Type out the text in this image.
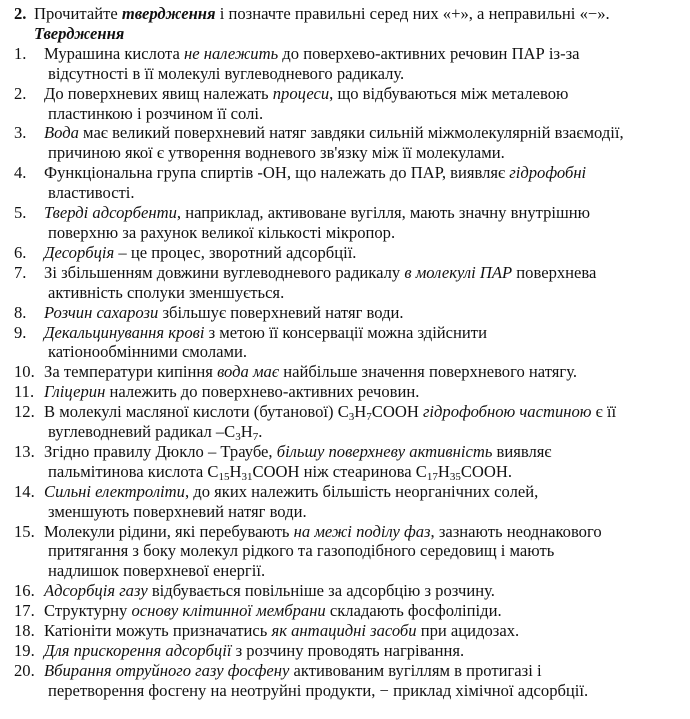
2. Прочитайте твердження і позначте правильні серед них «+», а неправильні «−».
Твердження
1.	Мурашина кислота не належить до поверхево-активних речовин ПАР із-за
відсутності в її молекулі вуглеводневого радикалу.
2.	До поверхневих явищ належать процеси, що відбуваються між металевою
пластинкою і розчином її солі.
3.	Вода має великий поверхневий натяг завдяки сильній міжмолекулярній взаємодії,
причиною якої є утворення водневого зв'язку між її молекулами.
4.	Функціональна група спиртів -ОН, що належать до ПАР, виявляє гідрофобні
властивості.
5.	Тверді адсорбенти, наприклад, активоване вугілля, мають значну внутрішню
поверхню за рахунок великої кількості мікропор.
6.	Десорбція – це процес, зворотний адсорбції.
7.	Зі збільшенням довжини вуглеводневого радикалу в молекулі ПАР поверхнева
активність сполуки зменшується.
8.	Розчин сахарози збільшує поверхневий натяг води.
9.	Декальцинування крові з метою її консервації можна здійснити
катіонообмінними смолами.
10. За температури кипіння вода має найбільше значення поверхневого натягу.
11. Гліцерин належить до поверхнево-активних речовин.
12. В молекулі масляної кислоти (бутанової) $C_3H_7COOH$ гідрофобною частиною є її
вуглеводневий радикал $-C_3H_7$.
13. Згідно правилу Дюкло – Траубе, більшу поверхневу активність виявляє
пальмітинова кислота $C_{15}H_{31}COOH$ ніж стеаринова $C_{17}H_{35}COOH$.
14. Сильні електроліти, до яких належить більшість неорганічних солей,
зменшують поверхневий натяг води.
15. Молекули рідини, які перебувають на межі поділу фаз, зазнають неоднакового
притягання з боку молекул рідкого та газоподібного середовищ і мають
надлишок поверхневої енергії.
16. Адсорбція газу відбувається повільніше за адсорбцію з розчину.
17. Структурну основу клітинної мембрани складають фосфоліпіди.
18. Катіоніти можуть призначатись як антацидні засоби при ацидозах.
19. Для прискорення адсорбції з розчину проводять нагрівання.
20. Вбирання отруйного газу фосфену активованим вугіллям в протигазі і
перетворення фосгену на неотруйні продукти, − приклад хімічної адсорбції.
